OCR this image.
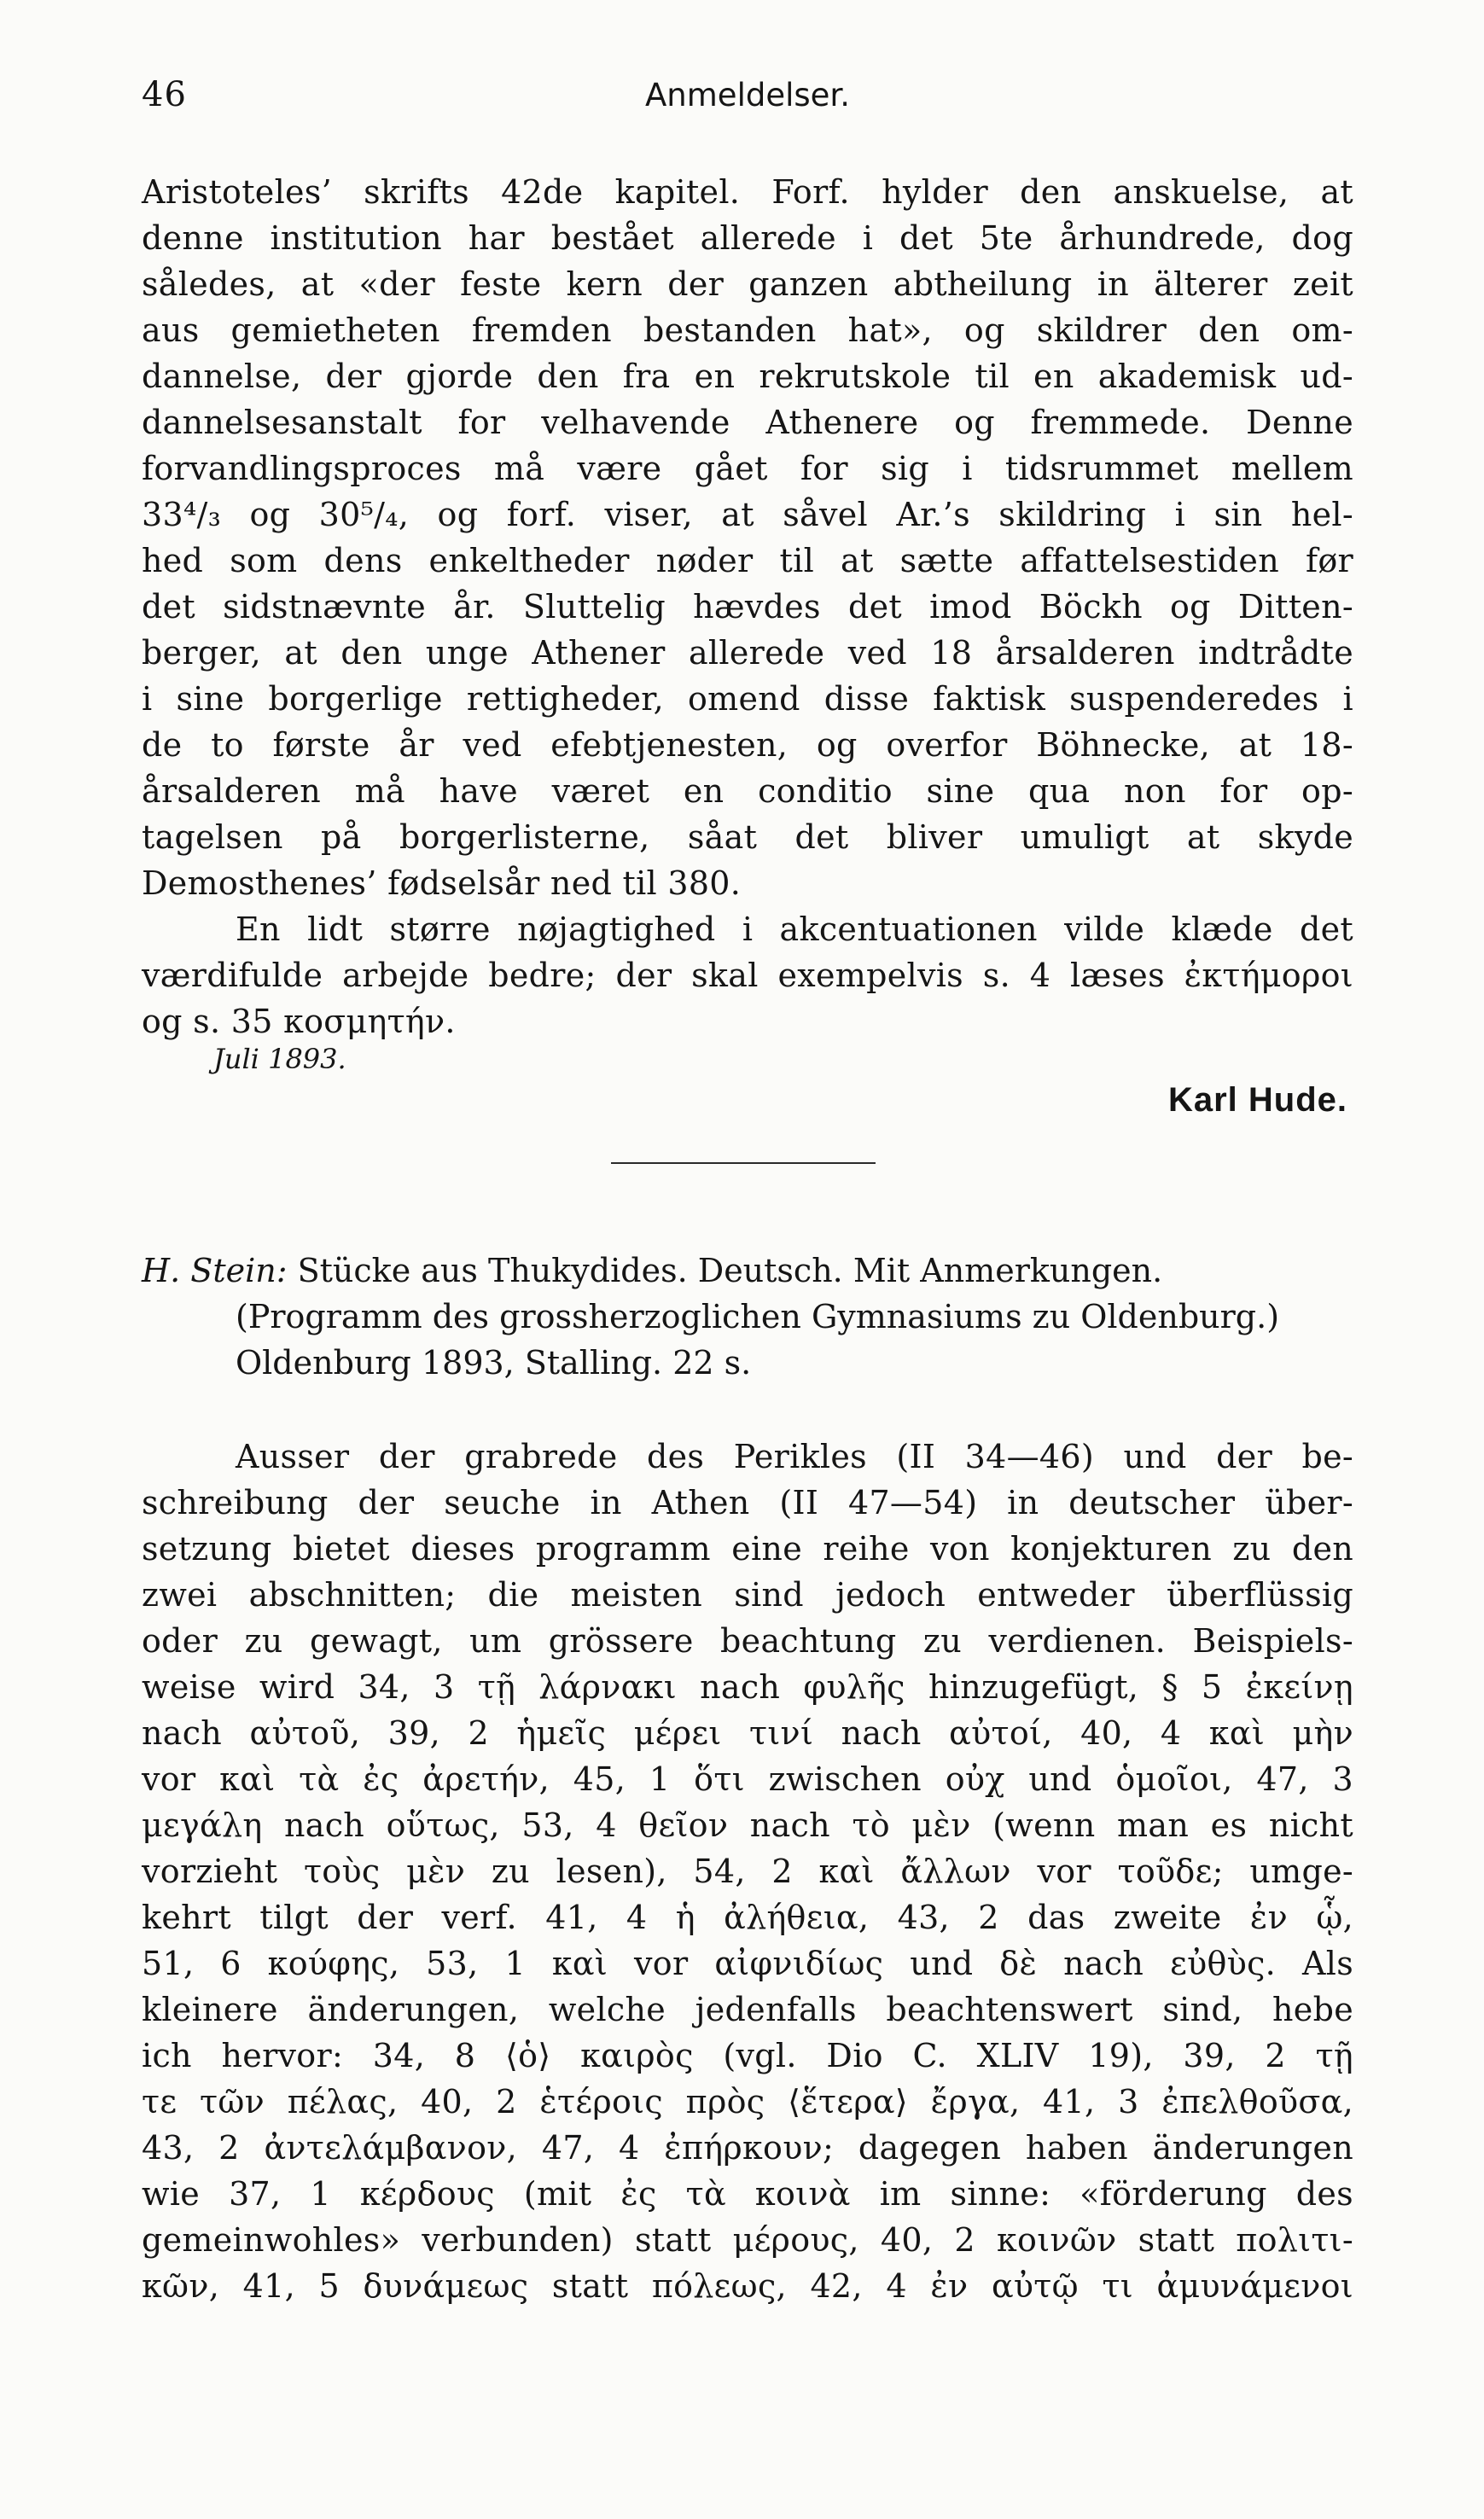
46	Anmeldelser.
Aristoteles’ skrifts 42de kapitel. Forf. hylder den anskuelse, at
denne institution har bestået allerede i det 5te århundrede, dog
således, at «der feste kern der ganzen abtheilung in älterer zeit
aus gemietheten fremden bestanden hat», og skildrer den om-
dannelse, der gjorde den fra en rekrutskole til en akademisk ud-
dannelsesanstalt for velhavende Athenere og fremmede. Denne
forvandlingsproces må være gået for sig i tidsrummet mellem
33⁴/₃ og 30⁵/₄, og forf. viser, at såvel Ar.’s skildring i sin hel-
hed som dens enkeltheder nøder til at sætte affattelsestiden før
det sidstnævnte år. Sluttelig hævdes det imod Böckh og Ditten-
berger, at den unge Athener allerede ved 18 årsalderen indtrådte
i sine borgerlige rettigheder, omend disse faktisk suspenderedes i
de to første år ved efebtjenesten, og overfor Böhnecke, at 18-
årsalderen må have været en conditio sine qua non for op-
tagelsen på borgerlisterne, såat det bliver umuligt at skyde
Demosthenes’ fødselsår ned til 380.
En lidt større nøjagtighed i akcentuationen vilde klæde det
værdifulde arbejde bedre; der skal exempelvis s. 4 læses ἐκτήμοροι
og s. 35 κοσμητήν.
Juli 1893.
Karl Hude.
H. Stein: Stücke aus Thukydides. Deutsch. Mit Anmerkungen.
(Programm des grossherzoglichen Gymnasiums zu Oldenburg.)
Oldenburg 1893, Stalling. 22 s.
Ausser der grabrede des Perikles (II 34—46) und der be-
schreibung der seuche in Athen (II 47—54) in deutscher über-
setzung bietet dieses programm eine reihe von konjekturen zu den
zwei abschnitten; die meisten sind jedoch entweder überflüssig
oder zu gewagt, um grössere beachtung zu verdienen. Beispiels-
weise wird 34, 3 τῇ λάρνακι nach φυλῆς hinzugefügt, § 5 ἐκείνῃ
nach αὐτοῦ, 39, 2 ἡμεῖς μέρει τινί nach αὐτοί, 40, 4 καὶ μὴν
vor καὶ τὰ ἐς ἀρετήν, 45, 1 ὅτι zwischen οὐχ und ὁμοῖοι, 47, 3
μεγάλη nach οὕτως, 53, 4 θεῖον nach τὸ μὲν (wenn man es nicht
vorzieht τοὺς μὲν zu lesen), 54, 2 καὶ ἄλλων vor τοῦδε; umge-
kehrt tilgt der verf. 41, 4 ἡ ἀλήθεια, 43, 2 das zweite ἐν ᾧ,
51, 6 κούφης, 53, 1 καὶ vor αἰφνιδίως und δὲ nach εὐθὺς. Als
kleinere änderungen, welche jedenfalls beachtenswert sind, hebe
ich hervor: 34, 8 ⟨ὁ⟩ καιρὸς (vgl. Dio C. XLIV 19), 39, 2 τῇ
τε τῶν πέλας, 40, 2 ἑτέροις πρὸς ⟨ἕτερα⟩ ἔργα, 41, 3 ἐπελθοῦσα,
43, 2 ἀντελάμβανον, 47, 4 ἐπήρκουν; dagegen haben änderungen
wie 37, 1 κέρδους (mit ἐς τὰ κοινὰ im sinne: «förderung des
gemeinwohles» verbunden) statt μέρους, 40, 2 κοινῶν statt πολιτι-
κῶν, 41, 5 δυνάμεως statt πόλεως, 42, 4 ἐν αὐτῷ τι ἀμυνάμενοι
